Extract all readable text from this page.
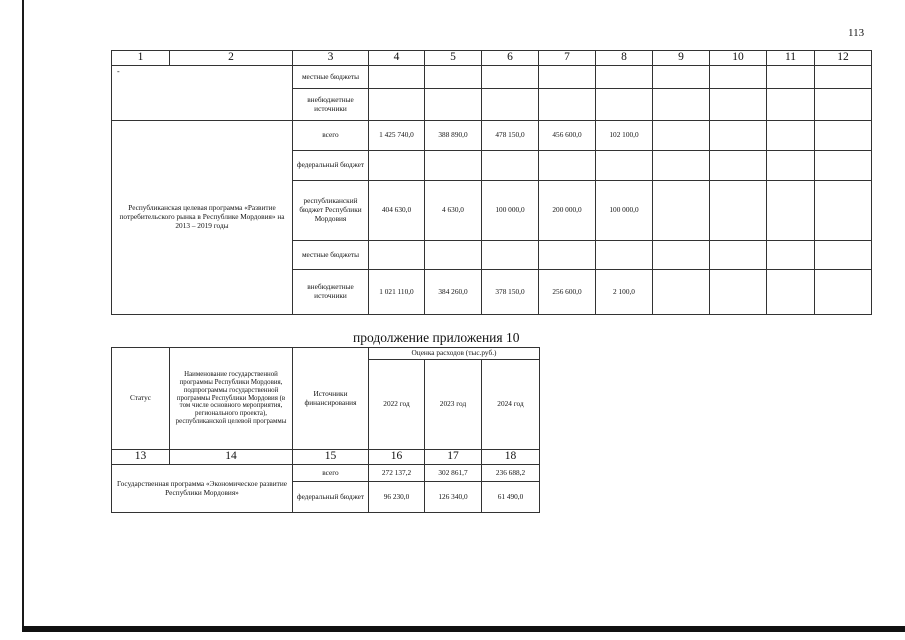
113
1	2	3	4	5	6	7	8	9	10	11	12

-		местные бюджеты									
		внебюджетные источники									
Республиканская целевая программа «Развитие потребительского рынка в Республике Мордовия» на 2013 – 2019 годы		всего	1 425 740,0	388 890,0	478 150,0	456 600,0	102 100,0				
		федеральный бюджет									
		республиканский бюджет Республики Мордовия	404 630,0	4 630,0	100 000,0	200 000,0	100 000,0				
		местные бюджеты									
		внебюджетные источники	1 021 110,0	384 260,0	378 150,0	256 600,0	2 100,0				
продолжение приложения 10
Статус	Наименование государственной программы Республики Мордовия, подпрограммы государственной программы Республики Мордовия (в том числе основного мероприятия, регионального проекта), республиканской целевой программы	Источники финансирования	Оценка расходов (тыс.руб.)		
			2022 год	2023 год	2024 год
13	14	15	16	17	18
Государственная программа «Экономическое развитие Республики Мордовия»		всего	272 137,2	302 861,7	236 688,2
		федеральный бюджет	96 230,0	126 340,0	61 490,0
